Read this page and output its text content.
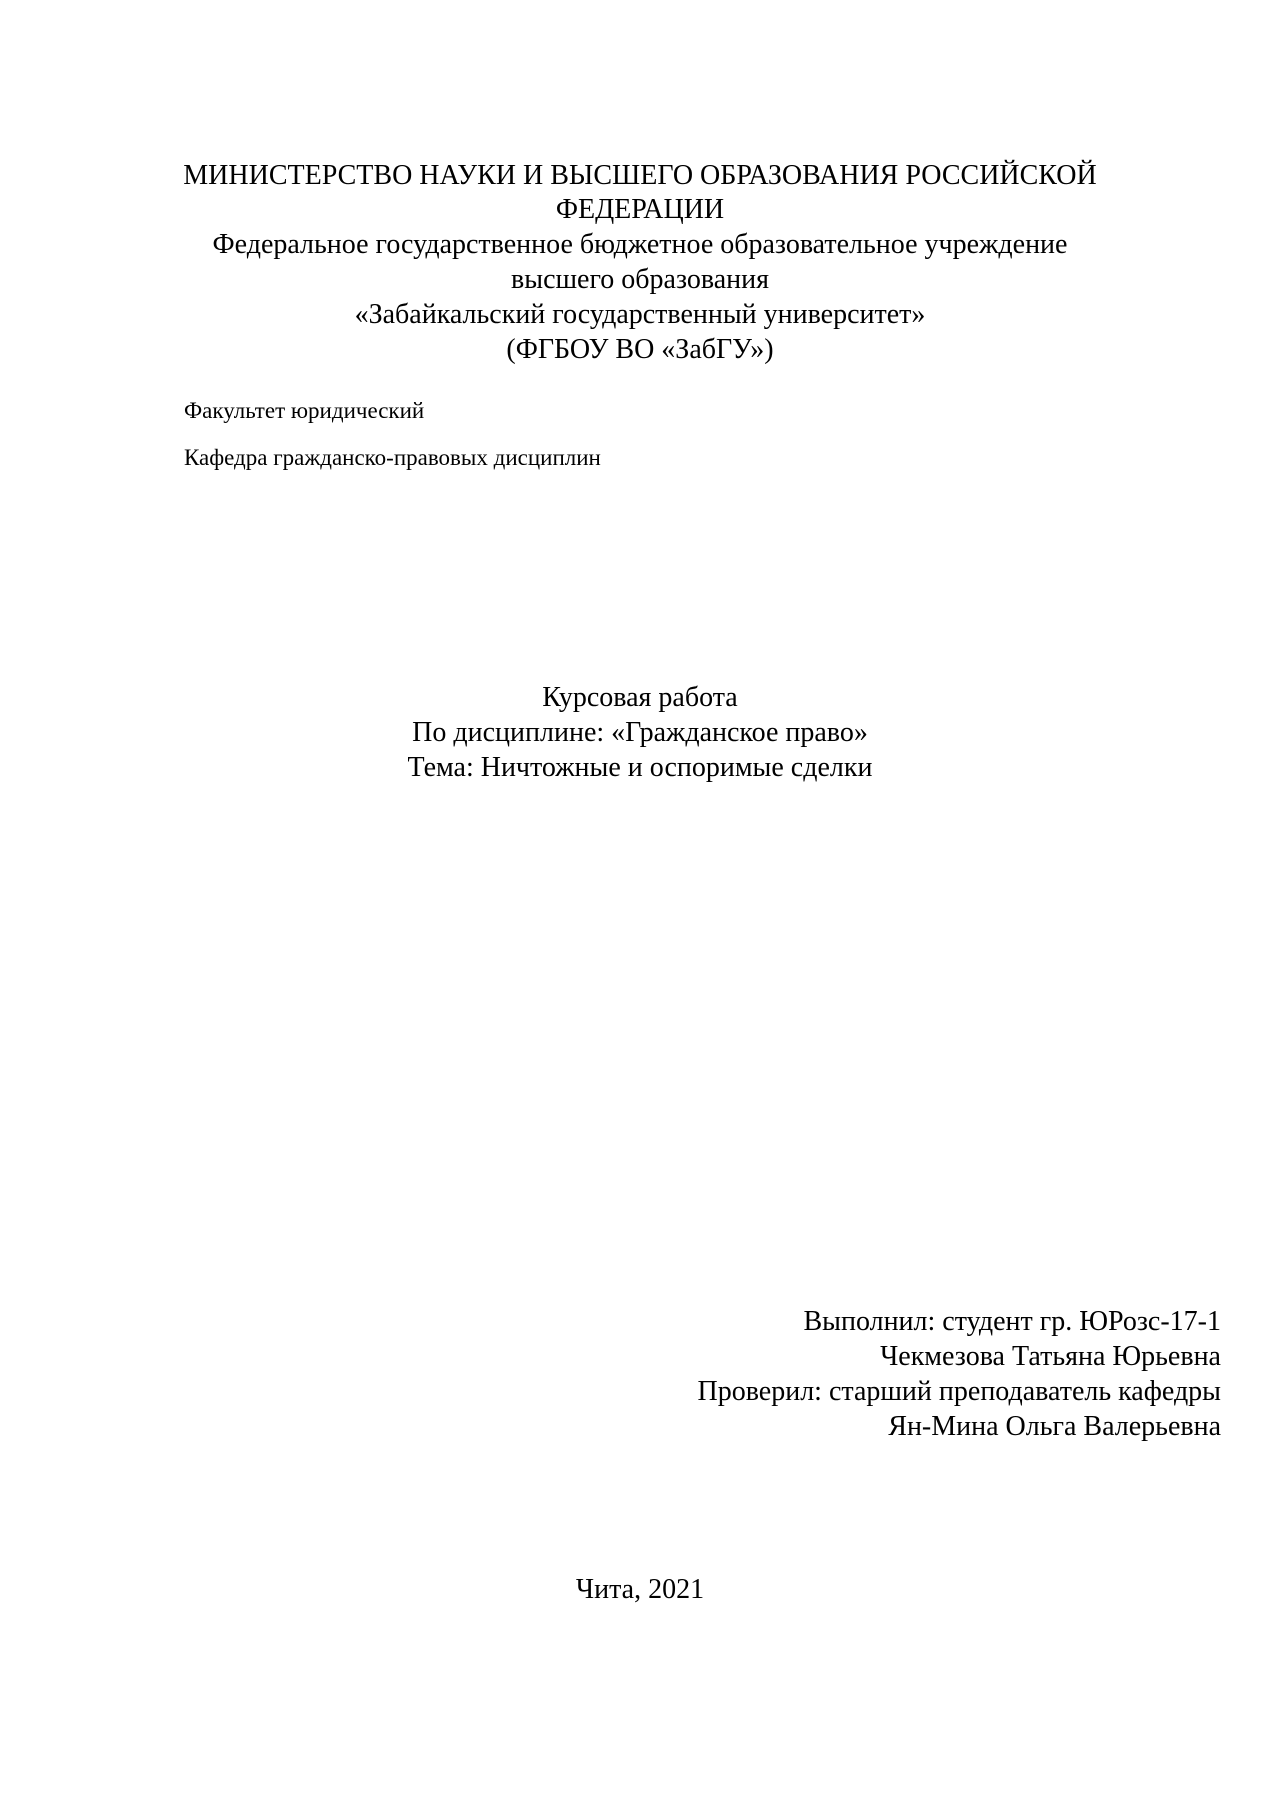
МИНИСТЕРСТВО НАУКИ И ВЫСШЕГО ОБРАЗОВАНИЯ РОССИЙСКОЙ

ФЕДЕРАЦИИ

Федеральное государственное бюджетное образовательное учреждение

высшего образования

«Забайкальский государственный университет»

(ФГБОУ ВО «ЗабГУ»)

Факультет юридический

Кафедра гражданско-правовых дисциплин

Курсовая работа

По дисциплине: «Гражданское право»

Тема: Ничтожные и оспоримые сделки

Выполнил: студент гр. ЮРозс-17-1

Чекмезова Татьяна Юрьевна

Проверил: старший преподаватель кафедры

Ян-Мина Ольга Валерьевна

Чита, 2021
